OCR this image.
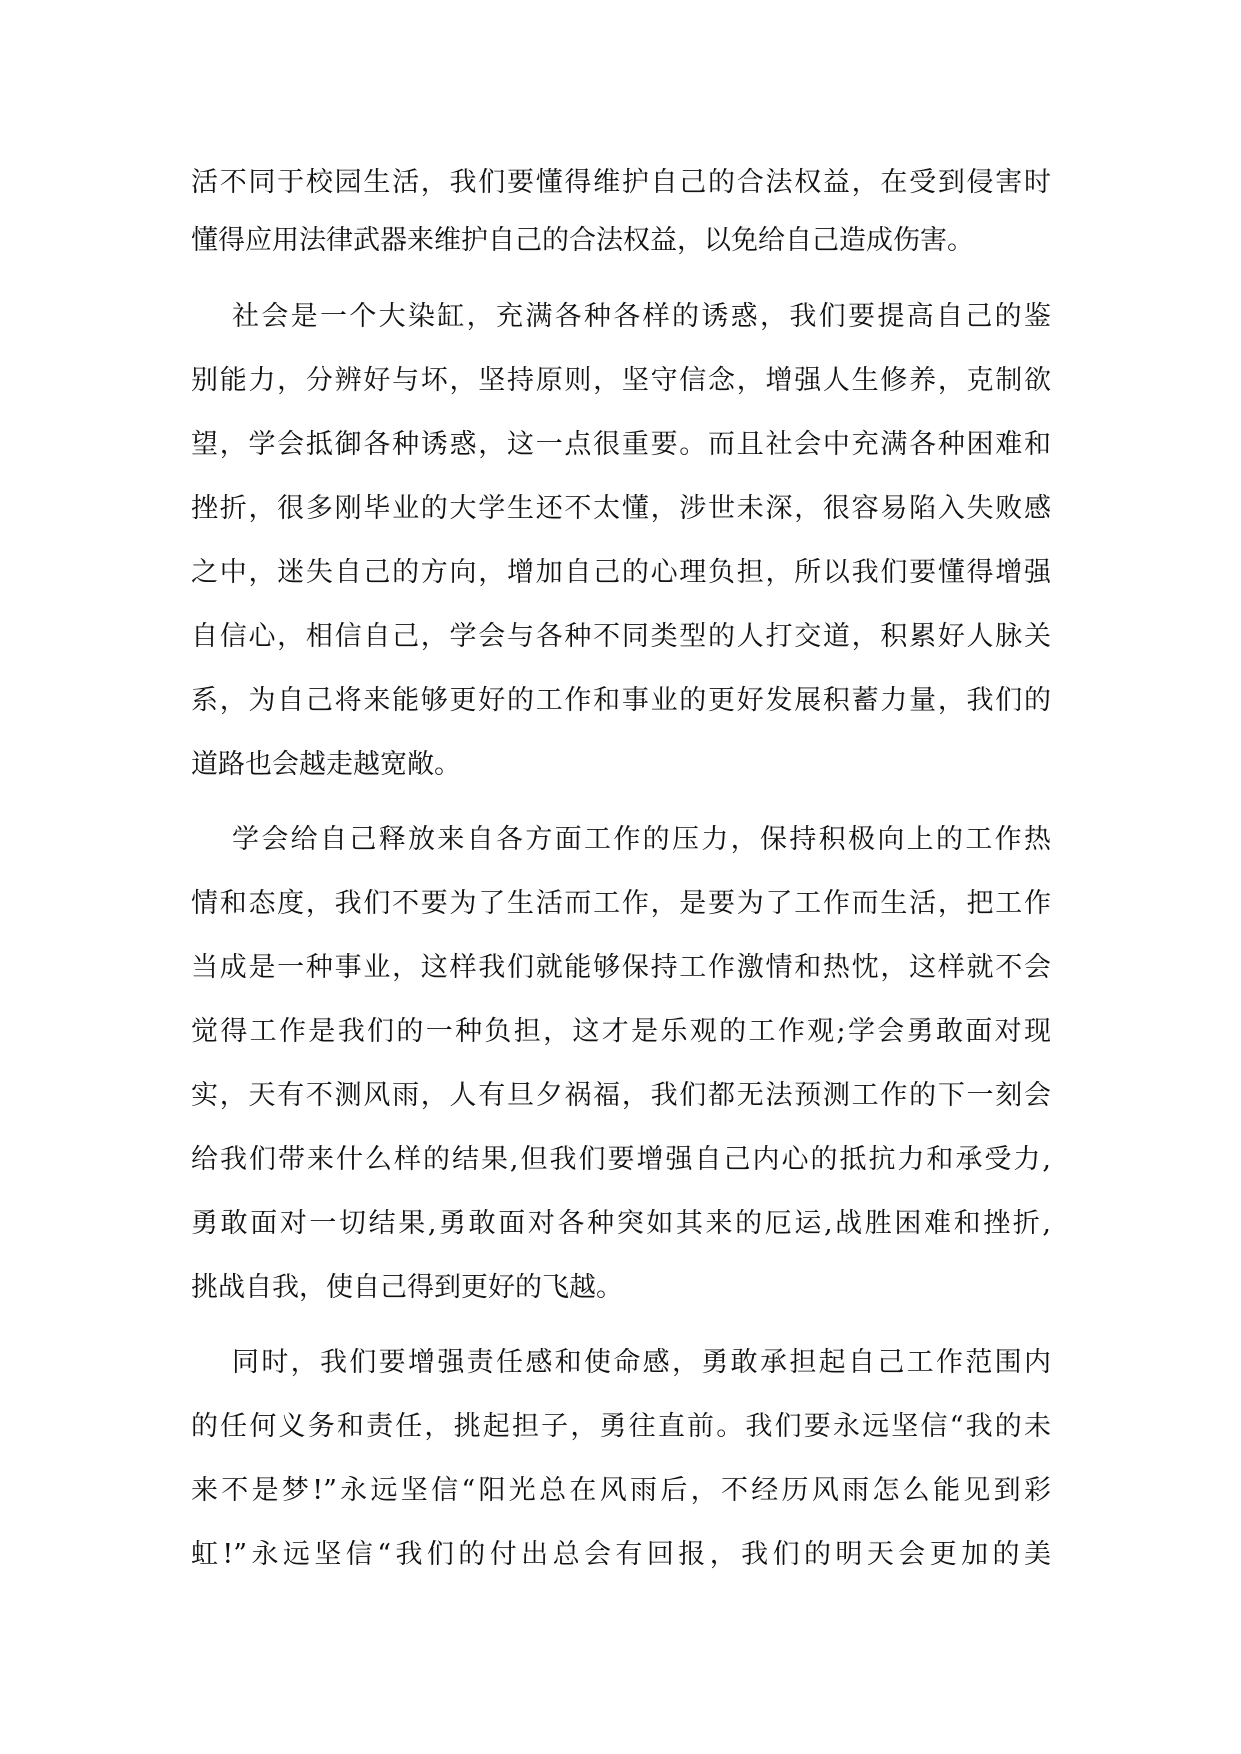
活不同于校园生活，我们要懂得维护自己的合法权益，在受到侵害时
懂得应用法律武器来维护自己的合法权益，以免给自己造成伤害。
社会是一个大染缸，充满各种各样的诱惑，我们要提高自己的鉴
别能力，分辨好与坏，坚持原则，坚守信念，增强人生修养，克制欲
望，学会抵御各种诱惑，这一点很重要。而且社会中充满各种困难和
挫折，很多刚毕业的大学生还不太懂，涉世未深，很容易陷入失败感
之中，迷失自己的方向，增加自己的心理负担，所以我们要懂得增强
自信心，相信自己，学会与各种不同类型的人打交道，积累好人脉关
系，为自己将来能够更好的工作和事业的更好发展积蓄力量，我们的
道路也会越走越宽敞。
学会给自己释放来自各方面工作的压力，保持积极向上的工作热
情和态度，我们不要为了生活而工作，是要为了工作而生活，把工作
当成是一种事业，这样我们就能够保持工作激情和热忱，这样就不会
觉得工作是我们的一种负担，这才是乐观的工作观;学会勇敢面对现
实，天有不测风雨，人有旦夕祸福，我们都无法预测工作的下一刻会
给我们带来什么样的结果,但我们要增强自己内心的抵抗力和承受力,
勇敢面对一切结果,勇敢面对各种突如其来的厄运,战胜困难和挫折,
挑战自我，使自己得到更好的飞越。
同时，我们要增强责任感和使命感，勇敢承担起自己工作范围内
的任何义务和责任，挑起担子，勇往直前。我们要永远坚信“我的未
来不是梦!”永远坚信“阳光总在风雨后，不经历风雨怎么能见到彩
虹!”永远坚信“我们的付出总会有回报，我们的明天会更加的美
